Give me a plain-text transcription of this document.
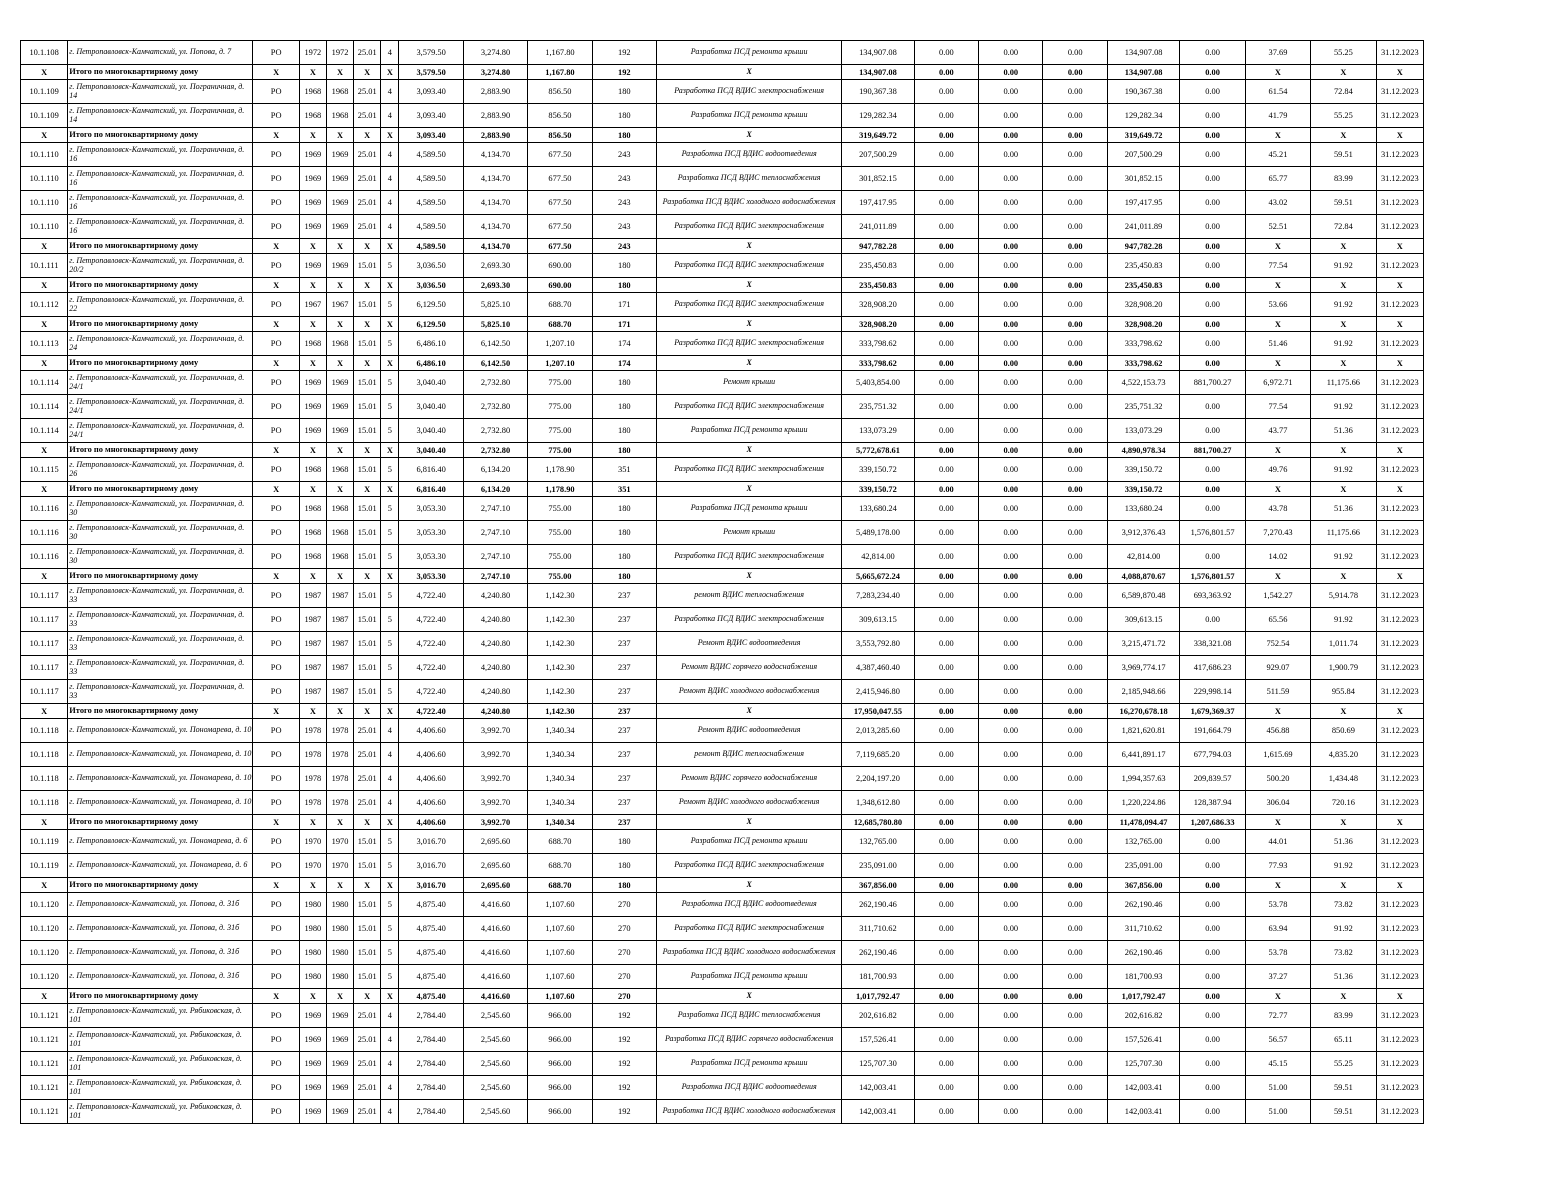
10.1.108	г. Петропавловск-Камчатский, ул. Попова, д. 7	РО	1972	1972	25.01	4	3,579.50	3,274.80	1,167.80	192	Разработка ПСД ремонта крыши	134,907.08	0.00	0.00	0.00	134,907.08	0.00	37.69	55.25	31.12.2023
Х	Итого по многоквартирному дому	Х	Х	Х	Х	Х	3,579.50	3,274.80	1,167.80	192	Х	134,907.08	0.00	0.00	0.00	134,907.08	0.00	Х	Х	Х
10.1.109	г. Петропавловск-Камчатский, ул. Пограничная, д. 14	РО	1968	1968	25.01	4	3,093.40	2,883.90	856.50	180	Разработка ПСД ВДИС электроснабжения	190,367.38	0.00	0.00	0.00	190,367.38	0.00	61.54	72.84	31.12.2023
10.1.109	г. Петропавловск-Камчатский, ул. Пограничная, д. 14	РО	1968	1968	25.01	4	3,093.40	2,883.90	856.50	180	Разработка ПСД ремонта крыши	129,282.34	0.00	0.00	0.00	129,282.34	0.00	41.79	55.25	31.12.2023
Х	Итого по многоквартирному дому	Х	Х	Х	Х	Х	3,093.40	2,883.90	856.50	180	Х	319,649.72	0.00	0.00	0.00	319,649.72	0.00	Х	Х	Х
10.1.110	г. Петропавловск-Камчатский, ул. Пограничная, д. 16	РО	1969	1969	25.01	4	4,589.50	4,134.70	677.50	243	Разработка ПСД ВДИС водоотведения	207,500.29	0.00	0.00	0.00	207,500.29	0.00	45.21	59.51	31.12.2023
10.1.110	г. Петропавловск-Камчатский, ул. Пограничная, д. 16	РО	1969	1969	25.01	4	4,589.50	4,134.70	677.50	243	Разработка ПСД ВДИС теплоснабжения	301,852.15	0.00	0.00	0.00	301,852.15	0.00	65.77	83.99	31.12.2023
10.1.110	г. Петропавловск-Камчатский, ул. Пограничная, д. 16	РО	1969	1969	25.01	4	4,589.50	4,134.70	677.50	243	Разработка ПСД ВДИС холодного водоснабжения	197,417.95	0.00	0.00	0.00	197,417.95	0.00	43.02	59.51	31.12.2023
10.1.110	г. Петропавловск-Камчатский, ул. Пограничная, д. 16	РО	1969	1969	25.01	4	4,589.50	4,134.70	677.50	243	Разработка ПСД ВДИС электроснабжения	241,011.89	0.00	0.00	0.00	241,011.89	0.00	52.51	72.84	31.12.2023
Х	Итого по многоквартирному дому	Х	Х	Х	Х	Х	4,589.50	4,134.70	677.50	243	Х	947,782.28	0.00	0.00	0.00	947,782.28	0.00	Х	Х	Х
10.1.111	г. Петропавловск-Камчатский, ул. Пограничная, д. 20/2	РО	1969	1969	15.01	5	3,036.50	2,693.30	690.00	180	Разработка ПСД ВДИС электроснабжения	235,450.83	0.00	0.00	0.00	235,450.83	0.00	77.54	91.92	31.12.2023
Х	Итого по многоквартирному дому	Х	Х	Х	Х	Х	3,036.50	2,693.30	690.00	180	Х	235,450.83	0.00	0.00	0.00	235,450.83	0.00	Х	Х	Х
10.1.112	г. Петропавловск-Камчатский, ул. Пограничная, д. 22	РО	1967	1967	15.01	5	6,129.50	5,825.10	688.70	171	Разработка ПСД ВДИС электроснабжения	328,908.20	0.00	0.00	0.00	328,908.20	0.00	53.66	91.92	31.12.2023
Х	Итого по многоквартирному дому	Х	Х	Х	Х	Х	6,129.50	5,825.10	688.70	171	Х	328,908.20	0.00	0.00	0.00	328,908.20	0.00	Х	Х	Х
10.1.113	г. Петропавловск-Камчатский, ул. Пограничная, д. 24	РО	1968	1968	15.01	5	6,486.10	6,142.50	1,207.10	174	Разработка ПСД ВДИС электроснабжения	333,798.62	0.00	0.00	0.00	333,798.62	0.00	51.46	91.92	31.12.2023
Х	Итого по многоквартирному дому	Х	Х	Х	Х	Х	6,486.10	6,142.50	1,207.10	174	Х	333,798.62	0.00	0.00	0.00	333,798.62	0.00	Х	Х	Х
10.1.114	г. Петропавловск-Камчатский, ул. Пограничная, д. 24/1	РО	1969	1969	15.01	5	3,040.40	2,732.80	775.00	180	Ремонт крыши	5,403,854.00	0.00	0.00	0.00	4,522,153.73	881,700.27	6,972.71	11,175.66	31.12.2023
10.1.114	г. Петропавловск-Камчатский, ул. Пограничная, д. 24/1	РО	1969	1969	15.01	5	3,040.40	2,732.80	775.00	180	Разработка ПСД ВДИС электроснабжения	235,751.32	0.00	0.00	0.00	235,751.32	0.00	77.54	91.92	31.12.2023
10.1.114	г. Петропавловск-Камчатский, ул. Пограничная, д. 24/1	РО	1969	1969	15.01	5	3,040.40	2,732.80	775.00	180	Разработка ПСД ремонта крыши	133,073.29	0.00	0.00	0.00	133,073.29	0.00	43.77	51.36	31.12.2023
Х	Итого по многоквартирному дому	Х	Х	Х	Х	Х	3,040.40	2,732.80	775.00	180	Х	5,772,678.61	0.00	0.00	0.00	4,890,978.34	881,700.27	Х	Х	Х
10.1.115	г. Петропавловск-Камчатский, ул. Пограничная, д. 26	РО	1968	1968	15.01	5	6,816.40	6,134.20	1,178.90	351	Разработка ПСД ВДИС электроснабжения	339,150.72	0.00	0.00	0.00	339,150.72	0.00	49.76	91.92	31.12.2023
Х	Итого по многоквартирному дому	Х	Х	Х	Х	Х	6,816.40	6,134.20	1,178.90	351	Х	339,150.72	0.00	0.00	0.00	339,150.72	0.00	Х	Х	Х
10.1.116	г. Петропавловск-Камчатский, ул. Пограничная, д. 30	РО	1968	1968	15.01	5	3,053.30	2,747.10	755.00	180	Разработка ПСД ремонта крыши	133,680.24	0.00	0.00	0.00	133,680.24	0.00	43.78	51.36	31.12.2023
10.1.116	г. Петропавловск-Камчатский, ул. Пограничная, д. 30	РО	1968	1968	15.01	5	3,053.30	2,747.10	755.00	180	Ремонт крыши	5,489,178.00	0.00	0.00	0.00	3,912,376.43	1,576,801.57	7,270.43	11,175.66	31.12.2023
10.1.116	г. Петропавловск-Камчатский, ул. Пограничная, д. 30	РО	1968	1968	15.01	5	3,053.30	2,747.10	755.00	180	Разработка ПСД ВДИС электроснабжения	42,814.00	0.00	0.00	0.00	42,814.00	0.00	14.02	91.92	31.12.2023
Х	Итого по многоквартирному дому	Х	Х	Х	Х	Х	3,053.30	2,747.10	755.00	180	Х	5,665,672.24	0.00	0.00	0.00	4,088,870.67	1,576,801.57	Х	Х	Х
10.1.117	г. Петропавловск-Камчатский, ул. Пограничная, д. 33	РО	1987	1987	15.01	5	4,722.40	4,240.80	1,142.30	237	ремонт ВДИС теплоснабжения	7,283,234.40	0.00	0.00	0.00	6,589,870.48	693,363.92	1,542.27	5,914.78	31.12.2023
10.1.117	г. Петропавловск-Камчатский, ул. Пограничная, д. 33	РО	1987	1987	15.01	5	4,722.40	4,240.80	1,142.30	237	Разработка ПСД ВДИС электроснабжения	309,613.15	0.00	0.00	0.00	309,613.15	0.00	65.56	91.92	31.12.2023
10.1.117	г. Петропавловск-Камчатский, ул. Пограничная, д. 33	РО	1987	1987	15.01	5	4,722.40	4,240.80	1,142.30	237	Ремонт ВДИС водоотведения	3,553,792.80	0.00	0.00	0.00	3,215,471.72	338,321.08	752.54	1,011.74	31.12.2023
10.1.117	г. Петропавловск-Камчатский, ул. Пограничная, д. 33	РО	1987	1987	15.01	5	4,722.40	4,240.80	1,142.30	237	Ремонт ВДИС горячего водоснабжения	4,387,460.40	0.00	0.00	0.00	3,969,774.17	417,686.23	929.07	1,900.79	31.12.2023
10.1.117	г. Петропавловск-Камчатский, ул. Пограничная, д. 33	РО	1987	1987	15.01	5	4,722.40	4,240.80	1,142.30	237	Ремонт ВДИС холодного водоснабжения	2,415,946.80	0.00	0.00	0.00	2,185,948.66	229,998.14	511.59	955.84	31.12.2023
Х	Итого по многоквартирному дому	Х	Х	Х	Х	Х	4,722.40	4,240.80	1,142.30	237	Х	17,950,047.55	0.00	0.00	0.00	16,270,678.18	1,679,369.37	Х	Х	Х
10.1.118	г. Петропавловск-Камчатский, ул. Пономарева, д. 10	РО	1978	1978	25.01	4	4,406.60	3,992.70	1,340.34	237	Ремонт ВДИС водоотведения	2,013,285.60	0.00	0.00	0.00	1,821,620.81	191,664.79	456.88	850.69	31.12.2023
10.1.118	г. Петропавловск-Камчатский, ул. Пономарева, д. 10	РО	1978	1978	25.01	4	4,406.60	3,992.70	1,340.34	237	ремонт ВДИС теплоснабжения	7,119,685.20	0.00	0.00	0.00	6,441,891.17	677,794.03	1,615.69	4,835.20	31.12.2023
10.1.118	г. Петропавловск-Камчатский, ул. Пономарева, д. 10	РО	1978	1978	25.01	4	4,406.60	3,992.70	1,340.34	237	Ремонт ВДИС горячего водоснабжения	2,204,197.20	0.00	0.00	0.00	1,994,357.63	209,839.57	500.20	1,434.48	31.12.2023
10.1.118	г. Петропавловск-Камчатский, ул. Пономарева, д. 10	РО	1978	1978	25.01	4	4,406.60	3,992.70	1,340.34	237	Ремонт ВДИС холодного водоснабжения	1,348,612.80	0.00	0.00	0.00	1,220,224.86	128,387.94	306.04	720.16	31.12.2023
Х	Итого по многоквартирному дому	Х	Х	Х	Х	Х	4,406.60	3,992.70	1,340.34	237	Х	12,685,780.80	0.00	0.00	0.00	11,478,094.47	1,207,686.33	Х	Х	Х
10.1.119	г. Петропавловск-Камчатский, ул. Пономарева, д. 6	РО	1970	1970	15.01	5	3,016.70	2,695.60	688.70	180	Разработка ПСД ремонта крыши	132,765.00	0.00	0.00	0.00	132,765.00	0.00	44.01	51.36	31.12.2023
10.1.119	г. Петропавловск-Камчатский, ул. Пономарева, д. 6	РО	1970	1970	15.01	5	3,016.70	2,695.60	688.70	180	Разработка ПСД ВДИС электроснабжения	235,091.00	0.00	0.00	0.00	235,091.00	0.00	77.93	91.92	31.12.2023
Х	Итого по многоквартирному дому	Х	Х	Х	Х	Х	3,016.70	2,695.60	688.70	180	Х	367,856.00	0.00	0.00	0.00	367,856.00	0.00	Х	Х	Х
10.1.120	г. Петропавловск-Камчатский, ул. Попова, д. 31б	РО	1980	1980	15.01	5	4,875.40	4,416.60	1,107.60	270	Разработка ПСД ВДИС водоотведения	262,190.46	0.00	0.00	0.00	262,190.46	0.00	53.78	73.82	31.12.2023
10.1.120	г. Петропавловск-Камчатский, ул. Попова, д. 31б	РО	1980	1980	15.01	5	4,875.40	4,416.60	1,107.60	270	Разработка ПСД ВДИС электроснабжения	311,710.62	0.00	0.00	0.00	311,710.62	0.00	63.94	91.92	31.12.2023
10.1.120	г. Петропавловск-Камчатский, ул. Попова, д. 31б	РО	1980	1980	15.01	5	4,875.40	4,416.60	1,107.60	270	Разработка ПСД ВДИС холодного водоснабжения	262,190.46	0.00	0.00	0.00	262,190.46	0.00	53.78	73.82	31.12.2023
10.1.120	г. Петропавловск-Камчатский, ул. Попова, д. 31б	РО	1980	1980	15.01	5	4,875.40	4,416.60	1,107.60	270	Разработка ПСД ремонта крыши	181,700.93	0.00	0.00	0.00	181,700.93	0.00	37.27	51.36	31.12.2023
Х	Итого по многоквартирному дому	Х	Х	Х	Х	Х	4,875.40	4,416.60	1,107.60	270	Х	1,017,792.47	0.00	0.00	0.00	1,017,792.47	0.00	Х	Х	Х
10.1.121	г. Петропавловск-Камчатский, ул. Рябиковская, д. 101	РО	1969	1969	25.01	4	2,784.40	2,545.60	966.00	192	Разработка ПСД ВДИС теплоснабжения	202,616.82	0.00	0.00	0.00	202,616.82	0.00	72.77	83.99	31.12.2023
10.1.121	г. Петропавловск-Камчатский, ул. Рябиковская, д. 101	РО	1969	1969	25.01	4	2,784.40	2,545.60	966.00	192	Разработка ПСД ВДИС горячего водоснабжения	157,526.41	0.00	0.00	0.00	157,526.41	0.00	56.57	65.11	31.12.2023
10.1.121	г. Петропавловск-Камчатский, ул. Рябиковская, д. 101	РО	1969	1969	25.01	4	2,784.40	2,545.60	966.00	192	Разработка ПСД ремонта крыши	125,707.30	0.00	0.00	0.00	125,707.30	0.00	45.15	55.25	31.12.2023
10.1.121	г. Петропавловск-Камчатский, ул. Рябиковская, д. 101	РО	1969	1969	25.01	4	2,784.40	2,545.60	966.00	192	Разработка ПСД ВДИС водоотведения	142,003.41	0.00	0.00	0.00	142,003.41	0.00	51.00	59.51	31.12.2023
10.1.121	г. Петропавловск-Камчатский, ул. Рябиковская, д. 101	РО	1969	1969	25.01	4	2,784.40	2,545.60	966.00	192	Разработка ПСД ВДИС холодного водоснабжения	142,003.41	0.00	0.00	0.00	142,003.41	0.00	51.00	59.51	31.12.2023
